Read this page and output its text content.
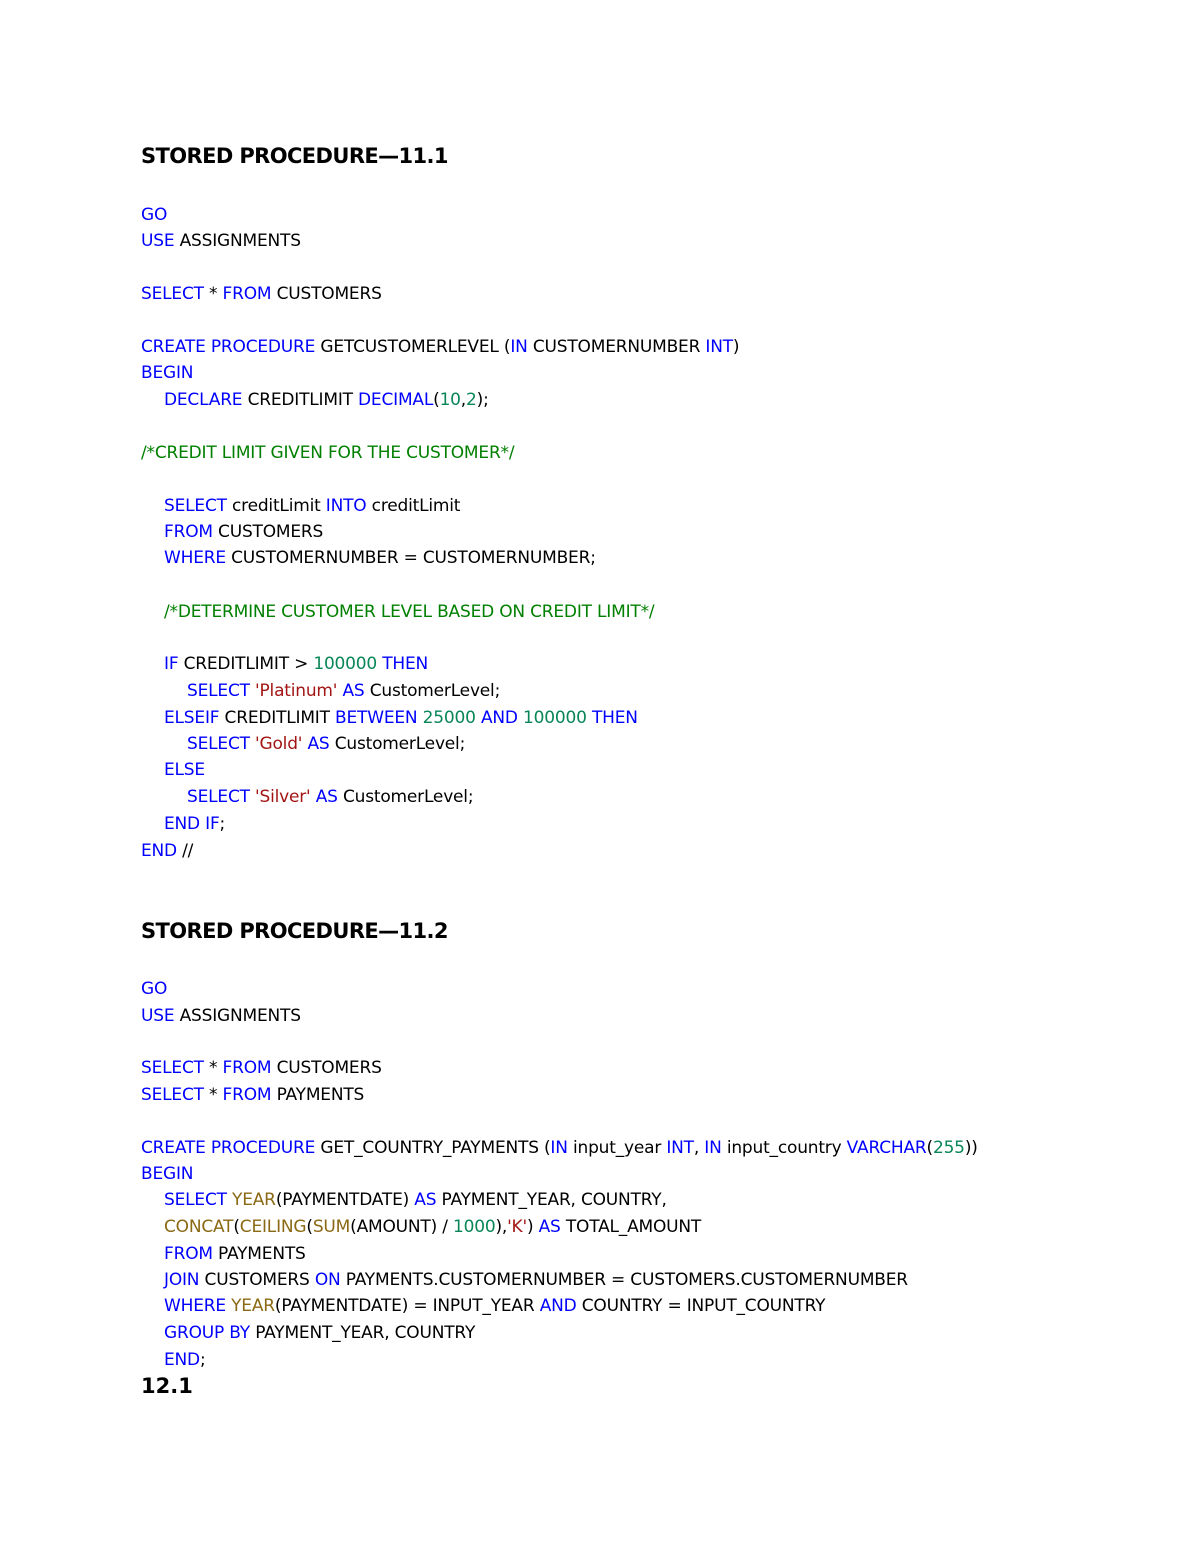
STORED PROCEDURE—11.1
GO
USE ASSIGNMENTS
SELECT * FROM CUSTOMERS
CREATE PROCEDURE GETCUSTOMERLEVEL (IN CUSTOMERNUMBER INT)
BEGIN
DECLARE CREDITLIMIT DECIMAL(10,2);
/*CREDIT LIMIT GIVEN FOR THE CUSTOMER*/
SELECT creditLimit INTO creditLimit
FROM CUSTOMERS
WHERE CUSTOMERNUMBER = CUSTOMERNUMBER;
/*DETERMINE CUSTOMER LEVEL BASED ON CREDIT LIMIT*/
IF CREDITLIMIT > 100000 THEN
SELECT 'Platinum' AS CustomerLevel;
ELSEIF CREDITLIMIT BETWEEN 25000 AND 100000 THEN
SELECT 'Gold' AS CustomerLevel;
ELSE
SELECT 'Silver' AS CustomerLevel;
END IF;
END //
STORED PROCEDURE—11.2
GO
USE ASSIGNMENTS
SELECT * FROM CUSTOMERS
SELECT * FROM PAYMENTS
CREATE PROCEDURE GET_COUNTRY_PAYMENTS (IN input_year INT, IN input_country VARCHAR(255))
BEGIN
SELECT YEAR(PAYMENTDATE) AS PAYMENT_YEAR, COUNTRY,
CONCAT(CEILING(SUM(AMOUNT) / 1000),'K') AS TOTAL_AMOUNT
FROM PAYMENTS
JOIN CUSTOMERS ON PAYMENTS.CUSTOMERNUMBER = CUSTOMERS.CUSTOMERNUMBER
WHERE YEAR(PAYMENTDATE) = INPUT_YEAR AND COUNTRY = INPUT_COUNTRY
GROUP BY PAYMENT_YEAR, COUNTRY
END;
12.1
